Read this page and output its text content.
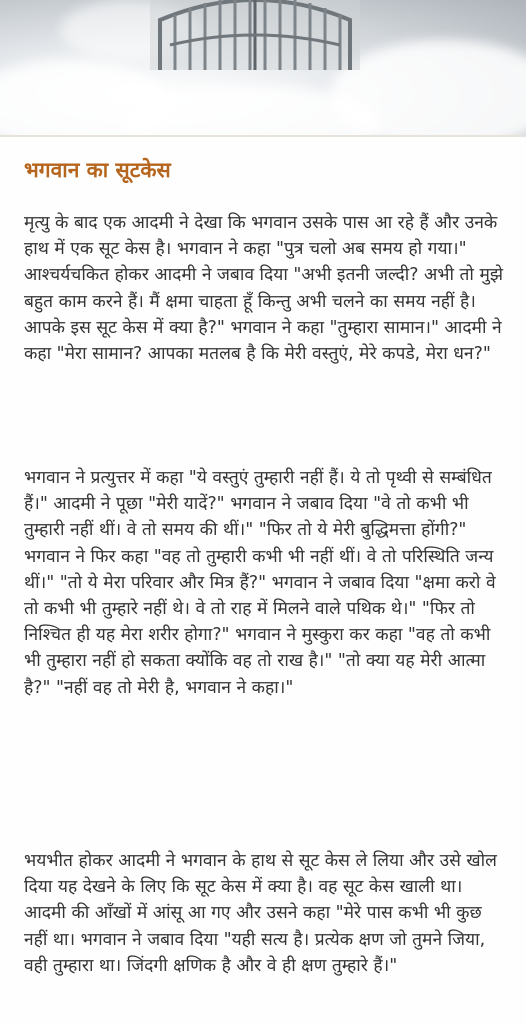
भगवान का सूटकेस

मृत्यु के बाद एक आदमी ने देखा कि भगवान उसके पास आ रहे हैं और उनके हाथ में एक सूट केस है। भगवान ने कहा "पुत्र चलो अब समय हो गया।" आश्चर्यचकित होकर आदमी ने जबाव दिया "अभी इतनी जल्दी? अभी तो मुझे बहुत काम करने हैं। मैं क्षमा चाहता हूँ किन्तु अभी चलने का समय नहीं है। आपके इस सूट केस में क्या है?" भगवान ने कहा "तुम्हारा सामान।" आदमी ने कहा "मेरा सामान? आपका मतलब है कि मेरी वस्तुएं, मेरे कपडे, मेरा धन?"

भगवान ने प्रत्युत्तर में कहा "ये वस्तुएं तुम्हारी नहीं हैं। ये तो पृथ्वी से सम्बंधित हैं।" आदमी ने पूछा "मेरी यादें?" भगवान ने जबाव दिया "वे तो कभी भी तुम्हारी नहीं थीं। वे तो समय की थीं।" "फिर तो ये मेरी बुद्धिमत्ता होंगी?" भगवान ने फिर कहा "वह तो तुम्हारी कभी भी नहीं थीं। वे तो परिस्थिति जन्य थीं।" "तो ये मेरा परिवार और मित्र हैं?" भगवान ने जबाव दिया "क्षमा करो वे तो कभी भी तुम्हारे नहीं थे। वे तो राह में मिलने वाले पथिक थे।" "फिर तो निश्चित ही यह मेरा शरीर होगा?" भगवान ने मुस्कुरा कर कहा "वह तो कभी भी तुम्हारा नहीं हो सकता क्योंकि वह तो राख है।" "तो क्या यह मेरी आत्मा है?" "नहीं वह तो मेरी है, भगवान ने कहा।"

भयभीत होकर आदमी ने भगवान के हाथ से सूट केस ले लिया और उसे खोल दिया यह देखने के लिए कि सूट केस में क्या है। वह सूट केस खाली था। आदमी की आँखों में आंसू आ गए और उसने कहा "मेरे पास कभी भी कुछ नहीं था। भगवान ने जबाव दिया "यही सत्य है। प्रत्येक क्षण जो तुमने जिया, वही तुम्हारा था। जिंदगी क्षणिक है और वे ही क्षण तुम्हारे हैं।"
